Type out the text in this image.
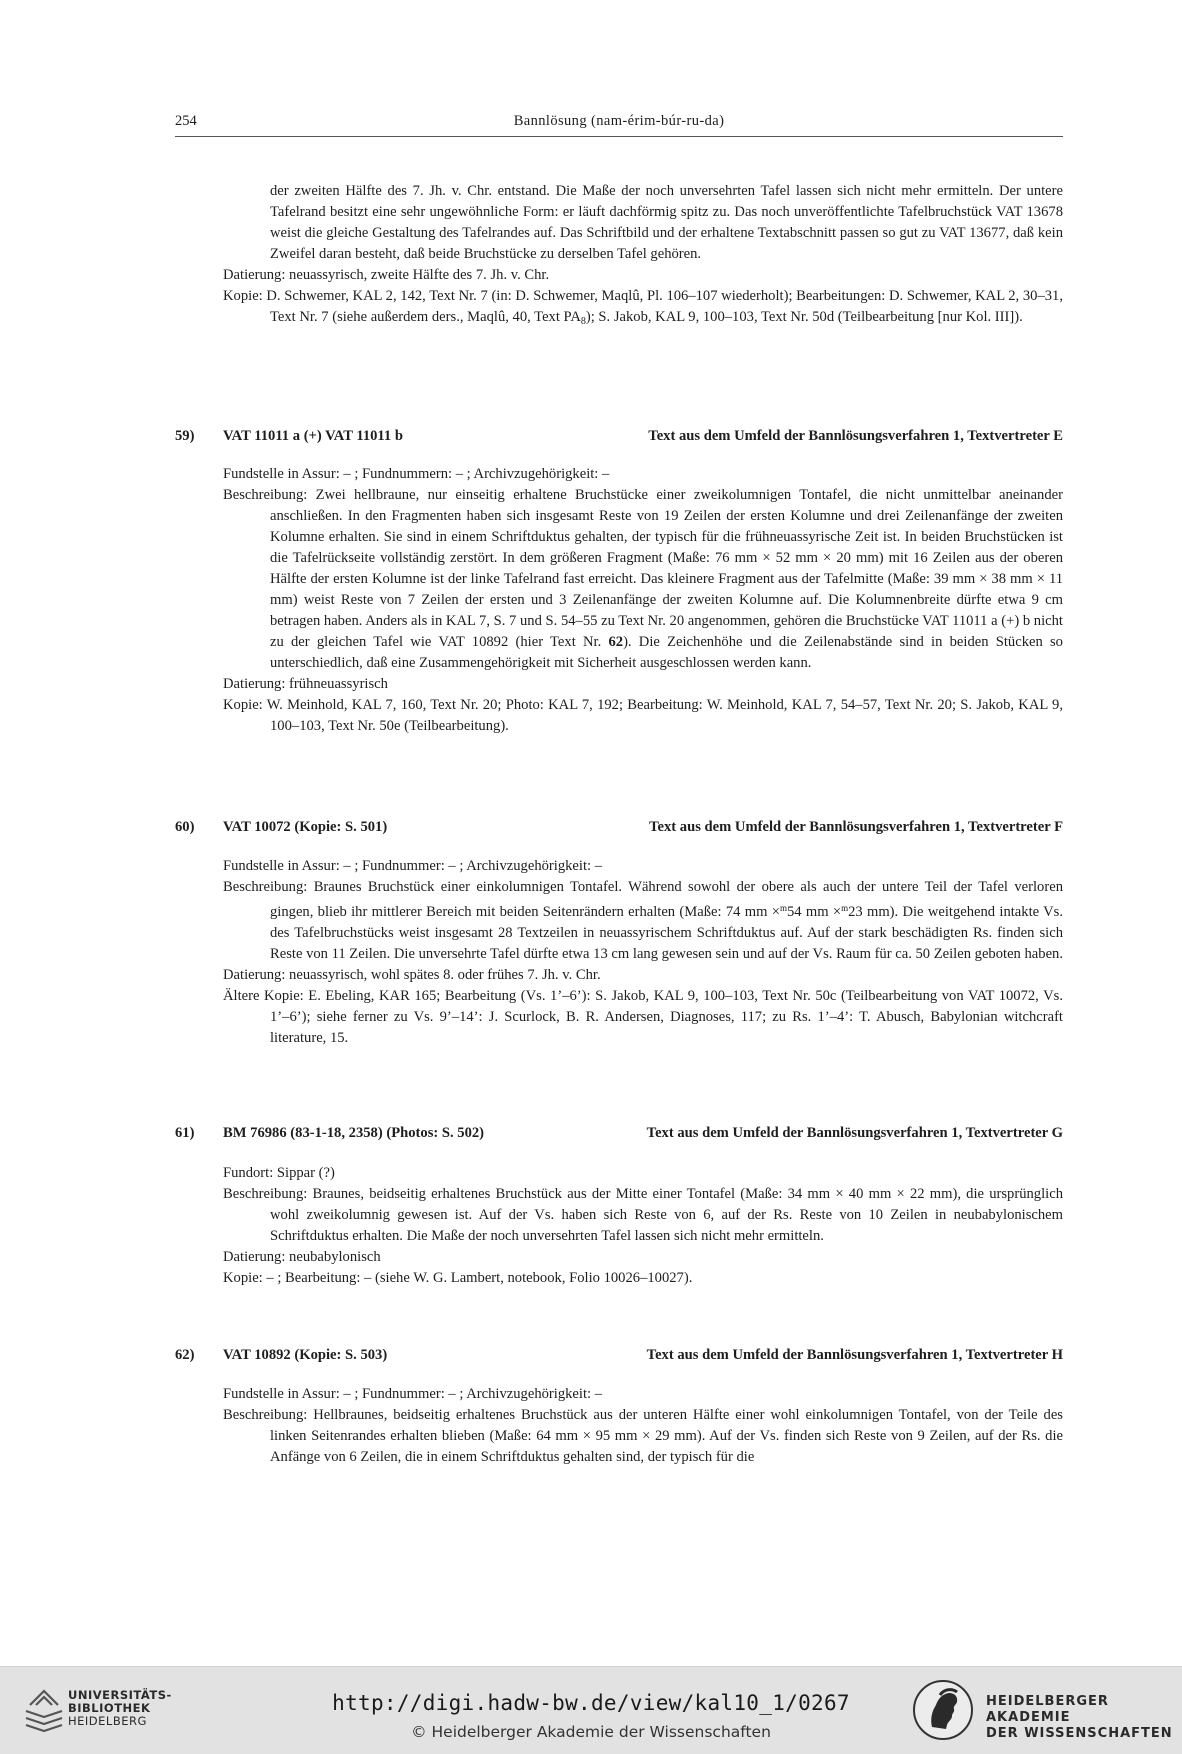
254	Bannlösung (nam-érim-búr-ru-da)

der zweiten Hälfte des 7. Jh. v. Chr. entstand. Die Maße der noch unversehrten Tafel lassen sich nicht mehr ermitteln. Der untere Tafelrand besitzt eine sehr ungewöhnliche Form: er läuft dachförmig spitz zu. Das noch unveröffentlichte Tafelbruchstück VAT 13678 weist die gleiche Gestaltung des Tafelrandes auf. Das Schriftbild und der erhaltene Textabschnitt passen so gut zu VAT 13677, daß kein Zweifel daran besteht, daß beide Bruchstücke zu derselben Tafel gehören.

Datierung: neuassyrisch, zweite Hälfte des 7. Jh. v. Chr.

Kopie: D. Schwemer, KAL 2, 142, Text Nr. 7 (in: D. Schwemer, Maqlû, Pl. 106–107 wiederholt); Bearbeitungen: D. Schwemer, KAL 2, 30–31, Text Nr. 7 (siehe außerdem ders., Maqlû, 40, Text $PA_8$); S. Jakob, KAL 9, 100–103, Text Nr. 50d (Teilbearbeitung [nur Kol. III]).

59) VAT 11011 a (+) VAT 11011 b	Text aus dem Umfeld der Bannlösungsverfahren 1, Textvertreter E

Fundstelle in Assur: – ; Fundnummern: – ; Archivzugehörigkeit: –

Beschreibung: Zwei hellbraune, nur einseitig erhaltene Bruchstücke einer zweikolumnigen Tontafel, die nicht unmittelbar aneinander anschließen. In den Fragmenten haben sich insgesamt Reste von 19 Zeilen der ersten Kolumne und drei Zeilenanfänge der zweiten Kolumne erhalten. Sie sind in einem Schriftduktus gehalten, der typisch für die frühneuassyrische Zeit ist. In beiden Bruchstücken ist die Tafelrückseite vollständig zerstört. In dem größeren Fragment (Maße: 76 mm × 52 mm × 20 mm) mit 16 Zeilen aus der oberen Hälfte der ersten Kolumne ist der linke Tafelrand fast erreicht. Das kleinere Fragment aus der Tafelmitte (Maße: 39 mm × 38 mm × 11 mm) weist Reste von 7 Zeilen der ersten und 3 Zeilenanfänge der zweiten Kolumne auf. Die Kolumnenbreite dürfte etwa 9 cm betragen haben. Anders als in KAL 7, S. 7 und S. 54–55 zu Text Nr. 20 angenommen, gehören die Bruchstücke VAT 11011 a (+) b nicht zu der gleichen Tafel wie VAT 10892 (hier Text Nr. 62). Die Zeichenhöhe und die Zeilenabstände sind in beiden Stücken so unterschiedlich, daß eine Zusammengehörigkeit mit Sicherheit ausgeschlossen werden kann.

Datierung: frühneuassyrisch

Kopie: W. Meinhold, KAL 7, 160, Text Nr. 20; Photo: KAL 7, 192; Bearbeitung: W. Meinhold, KAL 7, 54–57, Text Nr. 20; S. Jakob, KAL 9, 100–103, Text Nr. 50e (Teilbearbeitung).

60) VAT 10072 (Kopie: S. 501)	Text aus dem Umfeld der Bannlösungsverfahren 1, Textvertreter F

Fundstelle in Assur: – ; Fundnummer: – ; Archivzugehörigkeit: –

Beschreibung: Braunes Bruchstück einer einkolumnigen Tontafel. Während sowohl der obere als auch der untere Teil der Tafel verloren gingen, blieb ihr mittlerer Bereich mit beiden Seitenrändern erhalten (Maße: 74 mm ×$^m$54 mm ×$^m$23 mm). Die weitgehend intakte Vs. des Tafelbruchstücks weist insgesamt 28 Textzeilen in neuassyrischem Schriftduktus auf. Auf der stark beschädigten Rs. finden sich Reste von 11 Zeilen. Die unversehrte Tafel dürfte etwa 13 cm lang gewesen sein und auf der Vs. Raum für ca. 50 Zeilen geboten haben.

Datierung: neuassyrisch, wohl spätes 8. oder frühes 7. Jh. v. Chr.

Ältere Kopie: E. Ebeling, KAR 165; Bearbeitung (Vs. 1’–6’): S. Jakob, KAL 9, 100–103, Text Nr. 50c (Teilbearbeitung von VAT 10072, Vs. 1’–6’); siehe ferner zu Vs. 9’–14’: J. Scurlock, B. R. Andersen, Diagnoses, 117; zu Rs. 1’–4’: T. Abusch, Babylonian witchcraft literature, 15.

61) BM 76986 (83-1-18, 2358) (Photos: S. 502)	Text aus dem Umfeld der Bannlösungsverfahren 1, Textvertreter G

Fundort: Sippar (?)

Beschreibung: Braunes, beidseitig erhaltenes Bruchstück aus der Mitte einer Tontafel (Maße: 34 mm × 40 mm × 22 mm), die ursprünglich wohl zweikolumnig gewesen ist. Auf der Vs. haben sich Reste von 6, auf der Rs. Reste von 10 Zeilen in neubabylonischem Schriftduktus erhalten. Die Maße der noch unversehrten Tafel lassen sich nicht mehr ermitteln.

Datierung: neubabylonisch

Kopie: – ; Bearbeitung: – (siehe W. G. Lambert, notebook, Folio 10026–10027).

62) VAT 10892 (Kopie: S. 503)	Text aus dem Umfeld der Bannlösungsverfahren 1, Textvertreter H

Fundstelle in Assur: – ; Fundnummer: – ; Archivzugehörigkeit: –

Beschreibung: Hellbraunes, beidseitig erhaltenes Bruchstück aus der unteren Hälfte einer wohl einkolumnigen Tontafel, von der Teile des linken Seitenrandes erhalten blieben (Maße: 64 mm × 95 mm × 29 mm). Auf der Vs. finden sich Reste von 9 Zeilen, auf der Rs. die Anfänge von 6 Zeilen, die in einem Schriftduktus gehalten sind, der typisch für die

UNIVERSITÄTS-
BIBLIOTHEK
HEIDELBERG
http://digi.hadw-bw.de/view/kal10_1/0267
© Heidelberger Akademie der Wissenschaften
HEIDELBERGER AKADEMIE
DER WISSENSCHAFTEN
